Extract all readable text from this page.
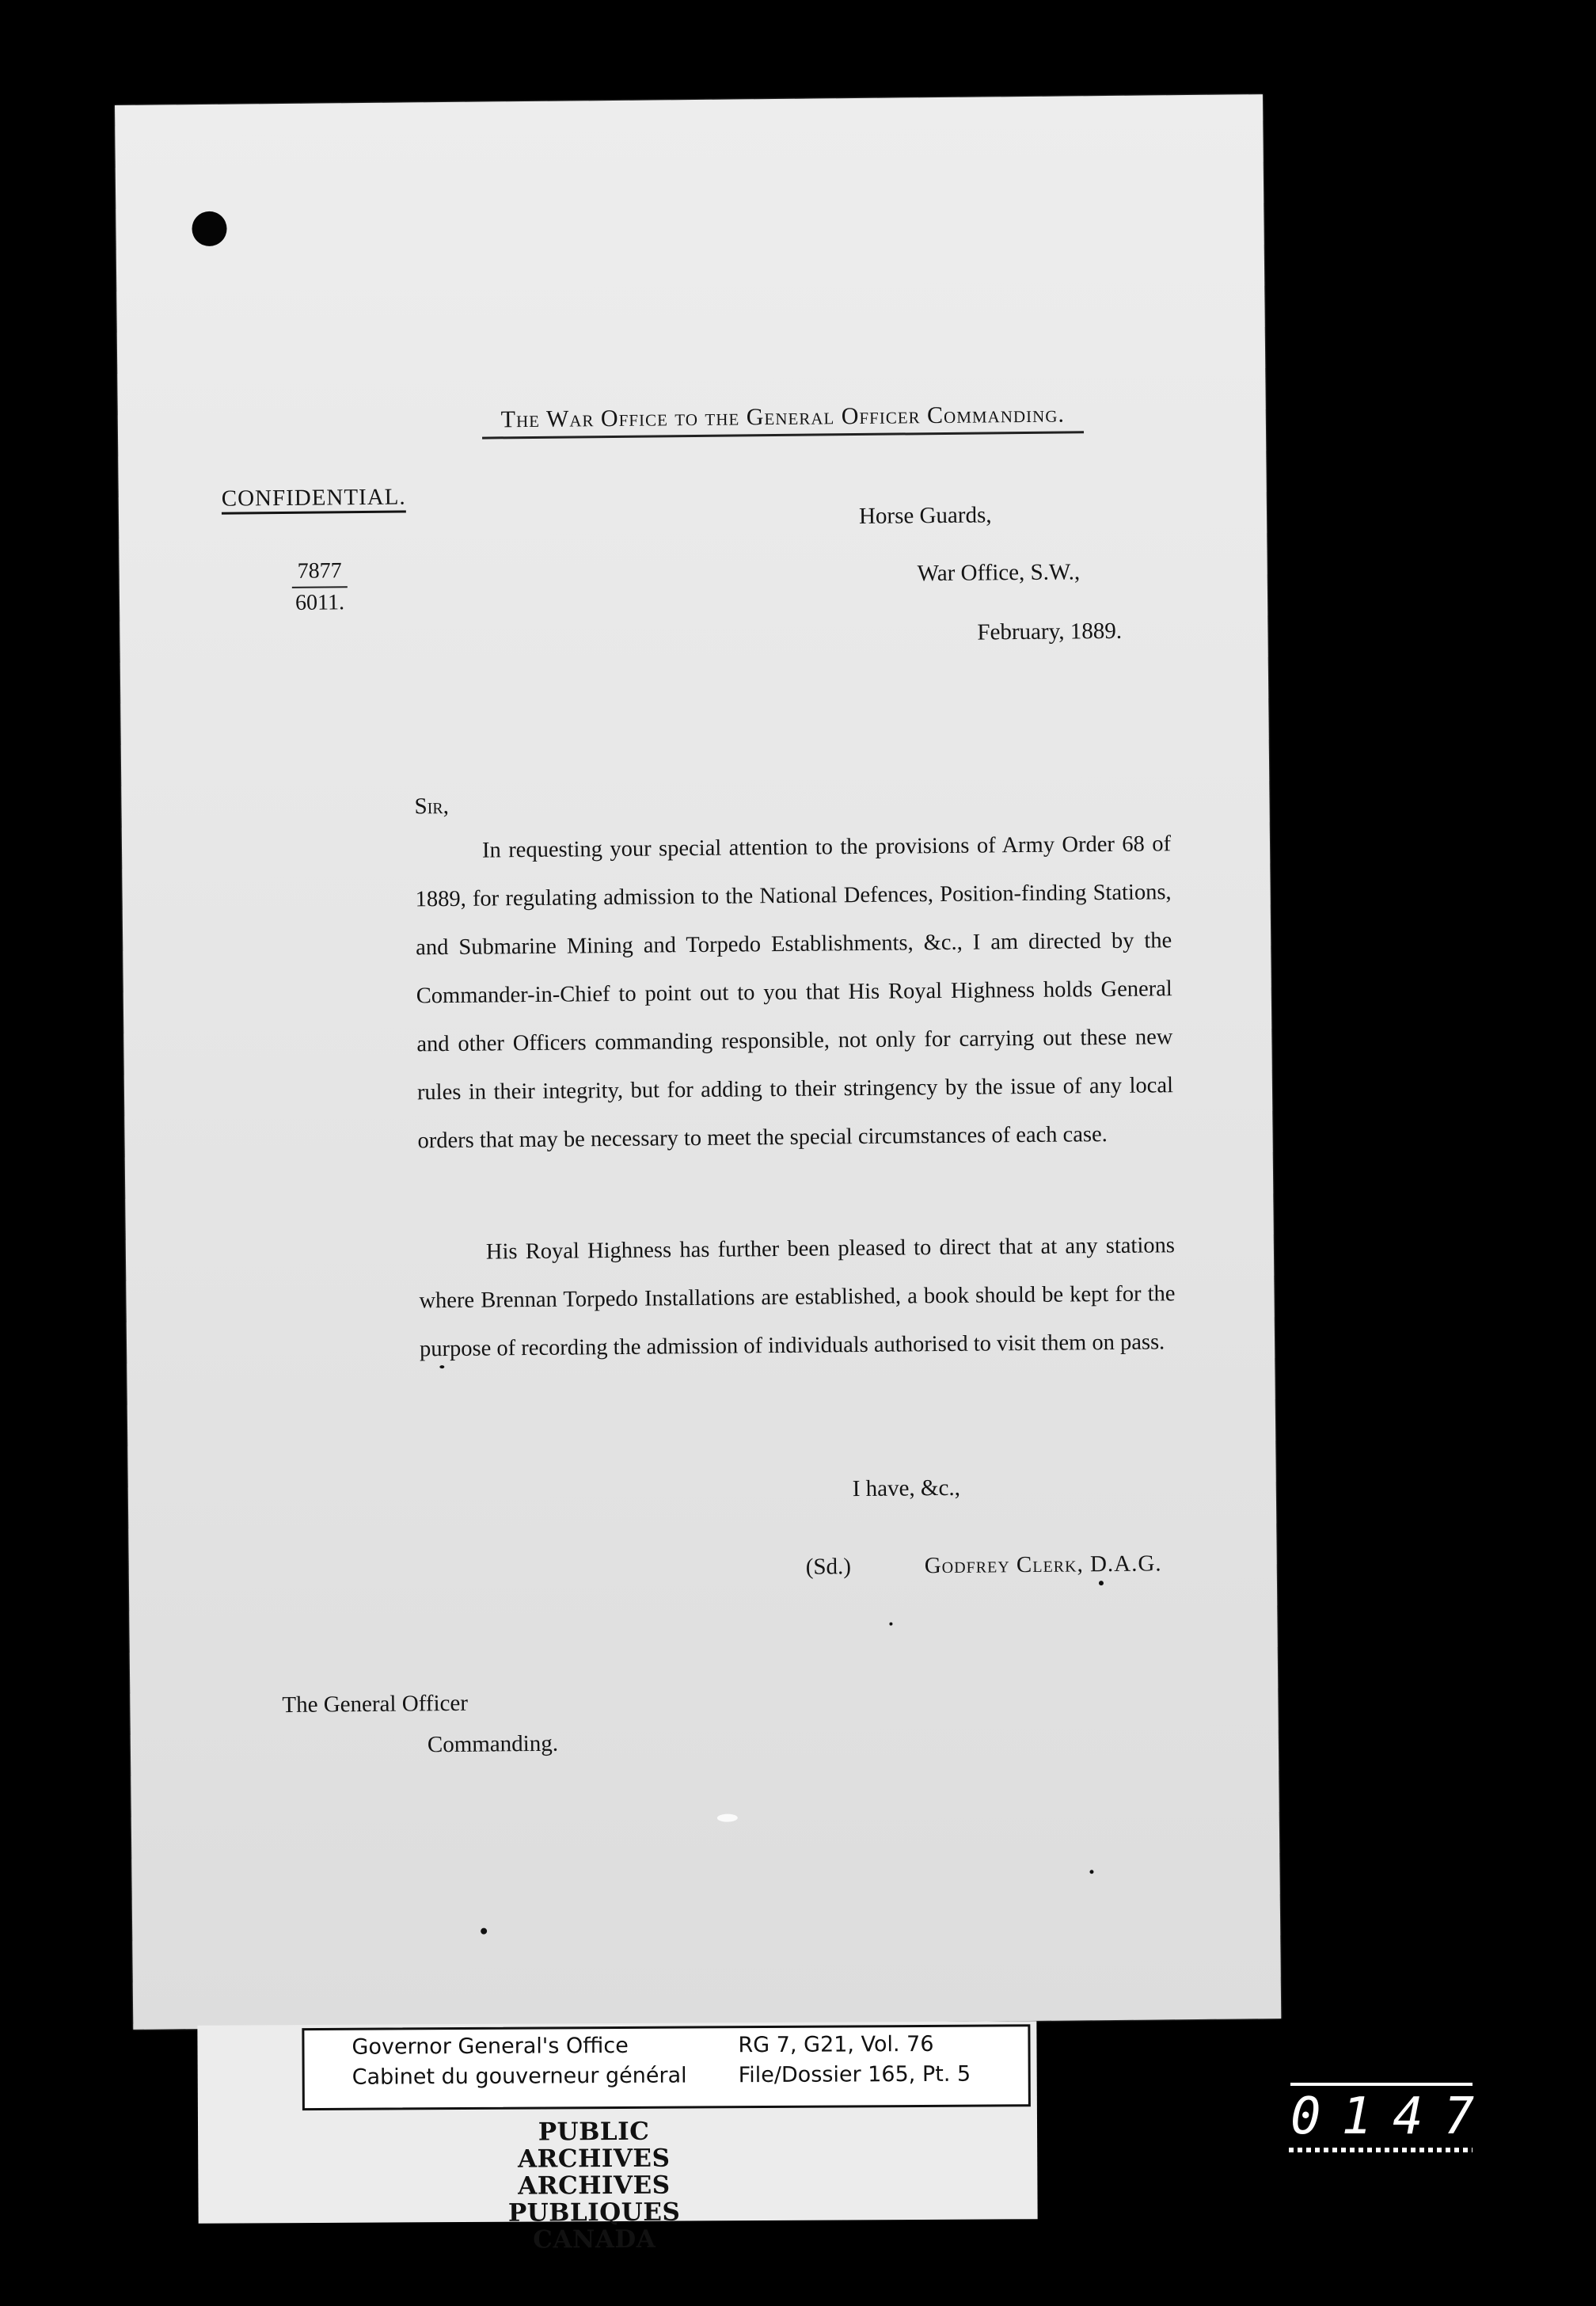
The War Office to the General Officer Commanding.
CONFIDENTIAL.
$\frac{7877}{6011.}$
Horse Guards,
War Office, S.W.,
February, 1889.
Sir,

In requesting your special attention to the provisions of Army Order 68 of 1889, for regulating admission to the National Defences, Position-finding Stations, and Submarine Mining and Torpedo Establishments, &c., I am directed by the Commander-in-Chief to point out to you that His Royal Highness holds General and other Officers commanding responsible, not only for carrying out these new rules in their integrity, but for adding to their stringency by the issue of any local orders that may be necessary to meet the special circumstances of each case.

His Royal Highness has further been pleased to direct that at any stations where Brennan Torpedo Installations are established, a book should be kept for the purpose of recording the admission of individuals authorised to visit them on pass.

I have, &c.,
(Sd.)	Godfrey Clerk, D.A.G.
The General Officer
Commanding.
Governor General's Office
Cabinet du gouverneur général
RG 7, G21, Vol. 76
File/Dossier 165, Pt. 5
PUBLIC ARCHIVES
ARCHIVES PUBLIQUES
CANADA
0147
